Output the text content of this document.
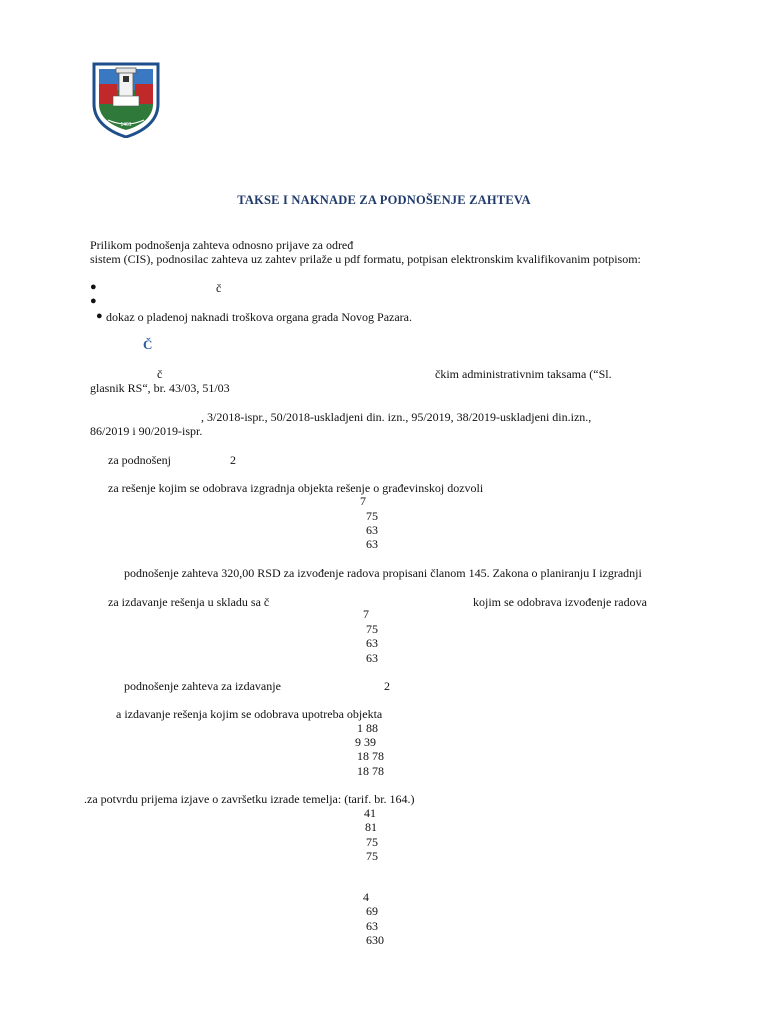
1461
TAKSE I NAKNADE ZA PODNOŠENJE ZAHTEVA
Prilikom podnošenja zahteva odnosno prijave za određ
sistem (CIS), podnosilac zahteva uz zahtev prilaže u pdf formatu, potpisan elektronskim kvalifikovanim potpisom:
●	č
●
● dokaz o pladenoj naknadi troškova organa grada Novog Pazara.
Č
č	čkim administrativnim taksama (“Sl.
glasnik RS“, br. 43/03, 51/03
, 3/2018-ispr., 50/2018-uskladjeni din. izn., 95/2019, 38/2019-uskladjeni din.izn.,
86/2019 i 90/2019-ispr.
za podnošenj	2
za rešenje kojim se odobrava izgradnja objekta rešenje o građevinskoj dozvoli
7
75
63
63
podnošenje zahteva 320,00 RSD za izvođenje radova propisani članom 145. Zakona o planiranju I izgradnji
za izdavanje rešenja u skladu sa č	kojim se odobrava izvođenje radova
7
75
63
63
podnošenje zahteva za izdavanje	2
a izdavanje rešenja kojim se odobrava upotreba objekta
1 88
9 39
18 78
18 78
.za potvrdu prijema izjave o završetku izrade temelja: (tarif. br. 164.)
41
81
75
75
4
69
63
630
